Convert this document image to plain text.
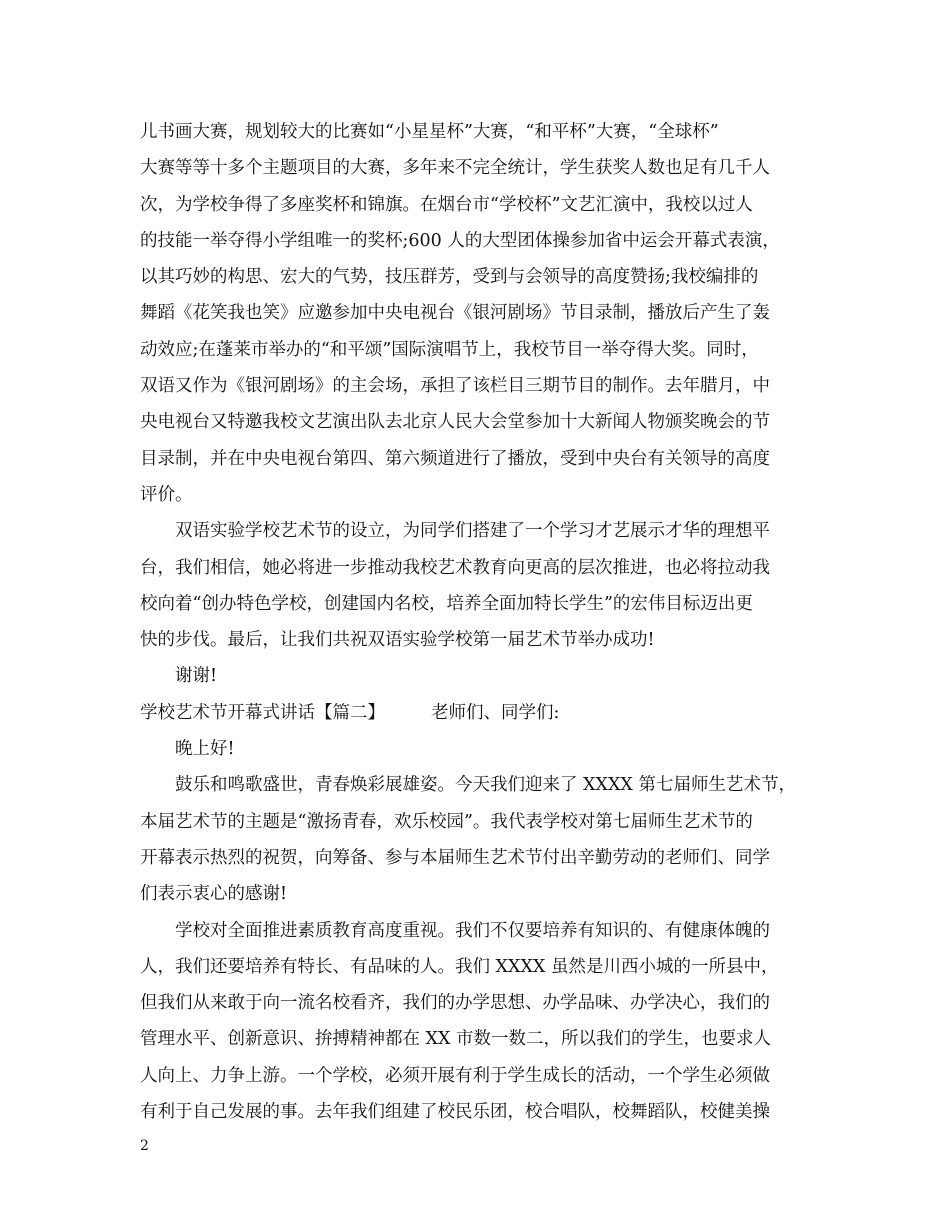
儿书画大赛，规划较大的比赛如“小星星杯”大赛，“和平杯”大赛，“全球杯”
大赛等等十多个主题项目的大赛，多年来不完全统计，学生获奖人数也足有几千人
次，为学校争得了多座奖杯和锦旗。在烟台市“学校杯”文艺汇演中，我校以过人
的技能一举夺得小学组唯一的奖杯;600 人的大型团体操参加省中运会开幕式表演，
以其巧妙的构思、宏大的气势，技压群芳，受到与会领导的高度赞扬;我校编排的
舞蹈《花笑我也笑》应邀参加中央电视台《银河剧场》节目录制，播放后产生了轰
动效应;在蓬莱市举办的“和平颂”国际演唱节上，我校节目一举夺得大奖。同时，
双语又作为《银河剧场》的主会场，承担了该栏目三期节目的制作。去年腊月，中
央电视台又特邀我校文艺演出队去北京人民大会堂参加十大新闻人物颁奖晚会的节
目录制，并在中央电视台第四、第六频道进行了播放，受到中央台有关领导的高度
评价。
双语实验学校艺术节的设立，为同学们搭建了一个学习才艺展示才华的理想平
台，我们相信，她必将进一步推动我校艺术教育向更高的层次推进，也必将拉动我
校向着“创办特色学校，创建国内名校，培养全面加特长学生”的宏伟目标迈出更
快的步伐。最后，让我们共祝双语实验学校第一届艺术节举办成功!
谢谢!
学校艺术节开幕式讲话【篇二】	老师们、同学们:
晚上好!
鼓乐和鸣歌盛世，青春焕彩展雄姿。今天我们迎来了 XXXX 第七届师生艺术节，
本届艺术节的主题是“激扬青春，欢乐校园”。我代表学校对第七届师生艺术节的
开幕表示热烈的祝贺，向筹备、参与本届师生艺术节付出辛勤劳动的老师们、同学
们表示衷心的感谢!
学校对全面推进素质教育高度重视。我们不仅要培养有知识的、有健康体魄的
人，我们还要培养有特长、有品味的人。我们 XXXX 虽然是川西小城的一所县中，
但我们从来敢于向一流名校看齐，我们的办学思想、办学品味、办学决心，我们的
管理水平、创新意识、拚搏精神都在 XX 市数一数二，所以我们的学生，也要求人
人向上、力争上游。一个学校，必须开展有利于学生成长的活动，一个学生必须做
有利于自己发展的事。去年我们组建了校民乐团，校合唱队，校舞蹈队，校健美操
2
